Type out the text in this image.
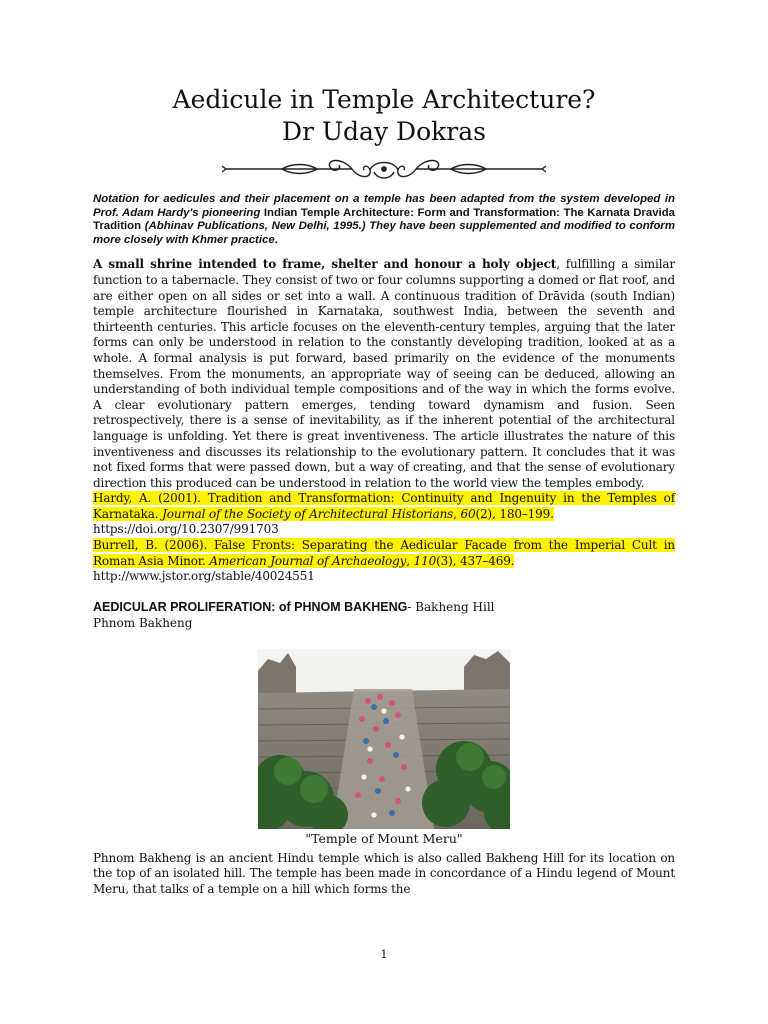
Aedicule in Temple Architecture?
Dr Uday Dokras
Notation for aedicules and their placement on a temple has been adapted from the system developed in Prof. Adam Hardy's pioneering Indian Temple Architecture: Form and Transformation: The Karnata Dravida Tradition (Abhinav Publications, New Delhi, 1995.) They have been supplemented and modified to conform more closely with Khmer practice.
A small shrine intended to frame, shelter and honour a holy object, fulfilling a similar function to a tabernacle. They consist of two or four columns supporting a domed or flat roof, and are either open on all sides or set into a wall. A continuous tradition of Drāvida (south Indian) temple architecture flourished in Karnataka, southwest India, between the seventh and thirteenth centuries. This article focuses on the eleventh-century temples, arguing that the later forms can only be understood in relation to the constantly developing tradition, looked at as a whole. A formal analysis is put forward, based primarily on the evidence of the monuments themselves. From the monuments, an appropriate way of seeing can be deduced, allowing an understanding of both individual temple compositions and of the way in which the forms evolve. A clear evolutionary pattern emerges, tending toward dynamism and fusion. Seen retrospectively, there is a sense of inevitability, as if the inherent potential of the architectural language is unfolding. Yet there is great inventiveness. The article illustrates the nature of this inventiveness and discusses its relationship to the evolutionary pattern. It concludes that it was not fixed forms that were passed down, but a way of creating, and that the sense of evolutionary direction this produced can be understood in relation to the world view the temples embody.
Hardy, A. (2001). Tradition and Transformation: Continuity and Ingenuity in the Temples of Karnataka. Journal of the Society of Architectural Historians, 60(2), 180–199.
https://doi.org/10.2307/991703
Burrell, B. (2006). False Fronts: Separating the Aedicular Facade from the Imperial Cult in Roman Asia Minor. American Journal of Archaeology, 110(3), 437–469.
http://www.jstor.org/stable/40024551
AEDICULAR PROLIFERATION: of PHNOM BAKHENG- Bakheng Hill
Phnom Bakheng
"Temple of Mount Meru"
Phnom Bakheng is an ancient Hindu temple which is also called Bakheng Hill for its location on the top of an isolated hill. The temple has been made in concordance of a Hindu legend of Mount Meru, that talks of a temple on a hill which forms the
1
